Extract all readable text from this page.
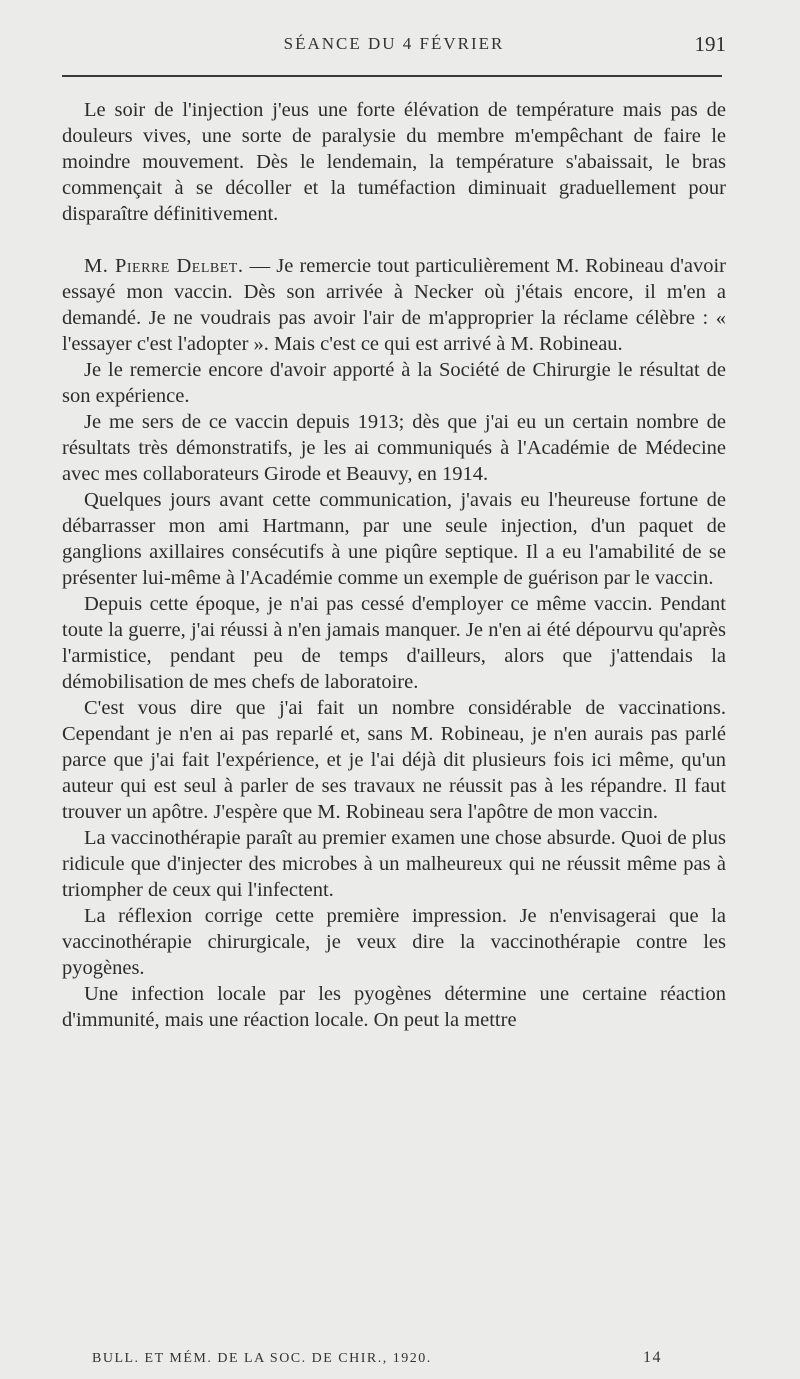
SÉANCE DU 4 FÉVRIER	191

Le soir de l'injection j'eus une forte élévation de température mais pas de douleurs vives, une sorte de paralysie du membre m'empêchant de faire le moindre mouvement. Dès le lendemain, la température s'abaissait, le bras commençait à se décoller et la tuméfaction diminuait graduellement pour disparaître définitivement.

M. Pierre Delbet. — Je remercie tout particulièrement M. Robineau d'avoir essayé mon vaccin. Dès son arrivée à Necker où j'étais encore, il m'en a demandé. Je ne voudrais pas avoir l'air de m'approprier la réclame célèbre : « l'essayer c'est l'adopter ». Mais c'est ce qui est arrivé à M. Robineau.

Je le remercie encore d'avoir apporté à la Société de Chirurgie le résultat de son expérience.

Je me sers de ce vaccin depuis 1913; dès que j'ai eu un certain nombre de résultats très démonstratifs, je les ai communiqués à l'Académie de Médecine avec mes collaborateurs Girode et Beauvy, en 1914.

Quelques jours avant cette communication, j'avais eu l'heureuse fortune de débarrasser mon ami Hartmann, par une seule injection, d'un paquet de ganglions axillaires consécutifs à une piqûre septique. Il a eu l'amabilité de se présenter lui-même à l'Académie comme un exemple de guérison par le vaccin.

Depuis cette époque, je n'ai pas cessé d'employer ce même vaccin. Pendant toute la guerre, j'ai réussi à n'en jamais manquer. Je n'en ai été dépourvu qu'après l'armistice, pendant peu de temps d'ailleurs, alors que j'attendais la démobilisation de mes chefs de laboratoire.

C'est vous dire que j'ai fait un nombre considérable de vaccinations. Cependant je n'en ai pas reparlé et, sans M. Robineau, je n'en aurais pas parlé parce que j'ai fait l'expérience, et je l'ai déjà dit plusieurs fois ici même, qu'un auteur qui est seul à parler de ses travaux ne réussit pas à les répandre. Il faut trouver un apôtre. J'espère que M. Robineau sera l'apôtre de mon vaccin.

La vaccinothérapie paraît au premier examen une chose absurde. Quoi de plus ridicule que d'injecter des microbes à un malheureux qui ne réussit même pas à triompher de ceux qui l'infectent.

La réflexion corrige cette première impression. Je n'envisagerai que la vaccinothérapie chirurgicale, je veux dire la vaccinothérapie contre les pyogènes.

Une infection locale par les pyogènes détermine une certaine réaction d'immunité, mais une réaction locale. On peut la mettre

BULL. ET MÉM. DE LA SOC. DE CHIR., 1920.	14
